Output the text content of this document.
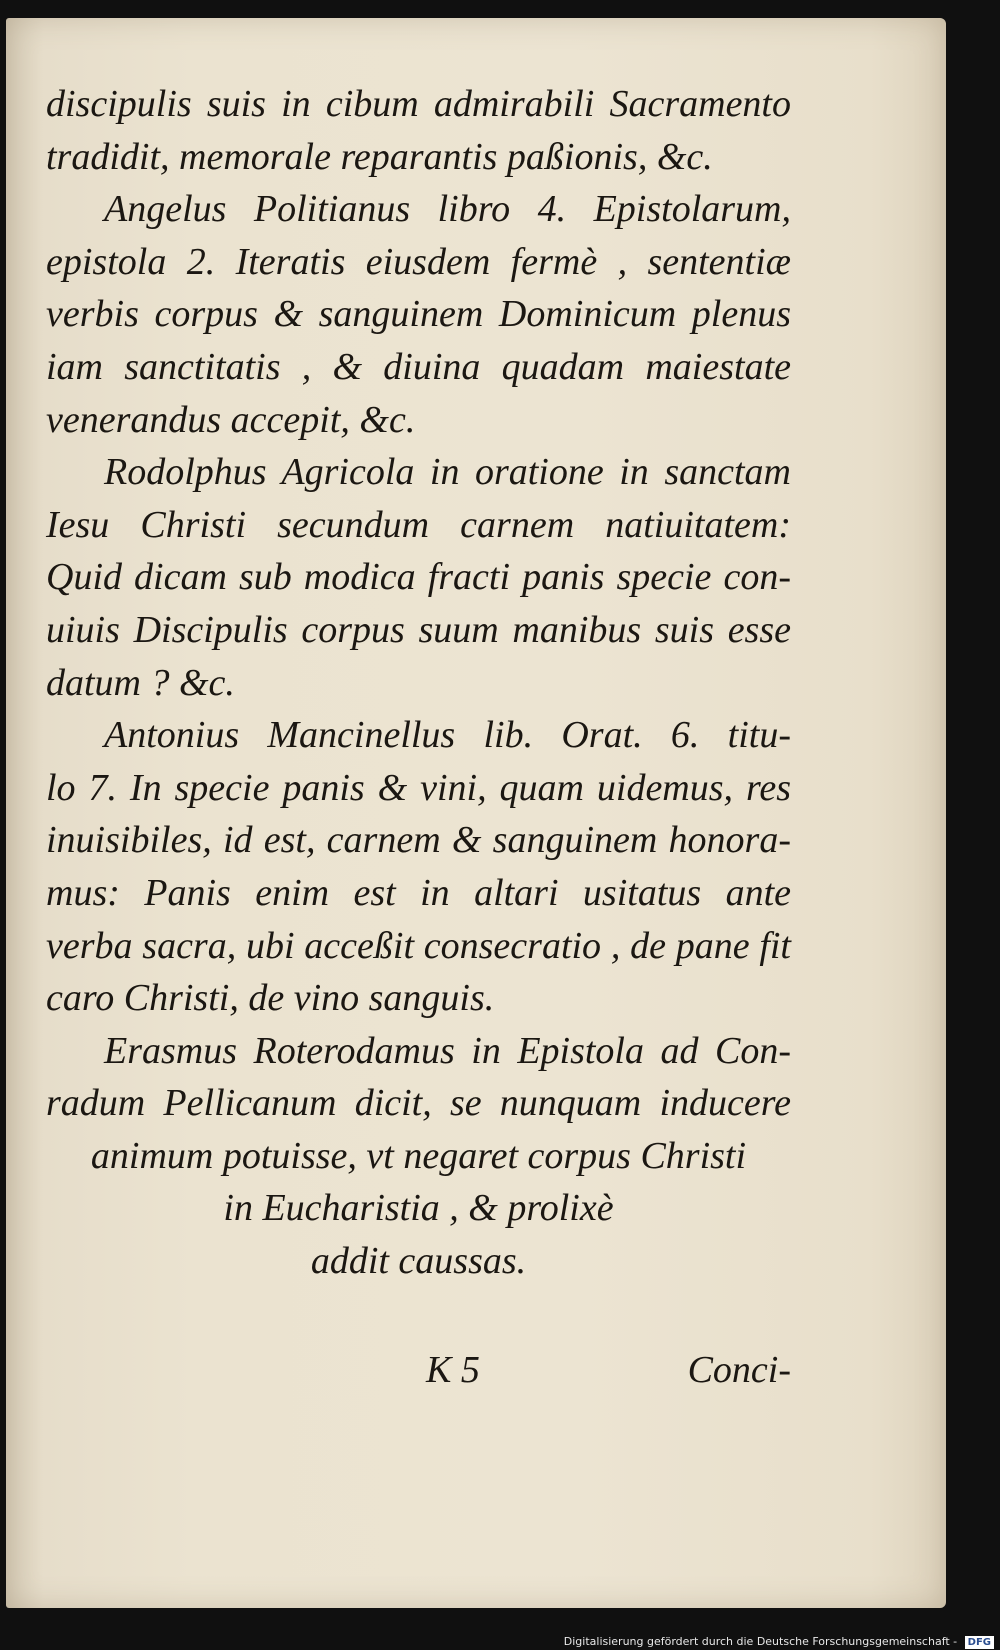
discipulis suis in cibum admirabili Sacramento
tradidit, memorale reparantis paßionis, &c.
Angelus Politianus libro 4. Epistolarum,
epistola 2. Iteratis eiusdem fermè , sententiæ
verbis corpus & sanguinem Dominicum plenus
iam sanctitatis , & diuina quadam maiestate
venerandus accepit, &c.
Rodolphus Agricola in oratione in sanctam
Iesu Christi secundum carnem natiuitatem:
Quid dicam sub modica fracti panis specie con-
uiuis Discipulis corpus suum manibus suis esse
datum ? &c.
Antonius Mancinellus lib. Orat. 6. titu-
lo 7. In specie panis & vini, quam uidemus, res
inuisibiles, id est, carnem & sanguinem honora-
mus: Panis enim est in altari usitatus ante
verba sacra, ubi acceßit consecratio , de pane fit
caro Christi, de vino sanguis.
Erasmus Roterodamus in Epistola ad Con-
radum Pellicanum dicit, se nunquam inducere
animum potuisse, vt negaret corpus Christi
in Eucharistia , & prolixè
addit caussas.
K 5	Conci-
Digitalisierung gefördert durch die Deutsche Forschungsgemeinschaft - DFG
